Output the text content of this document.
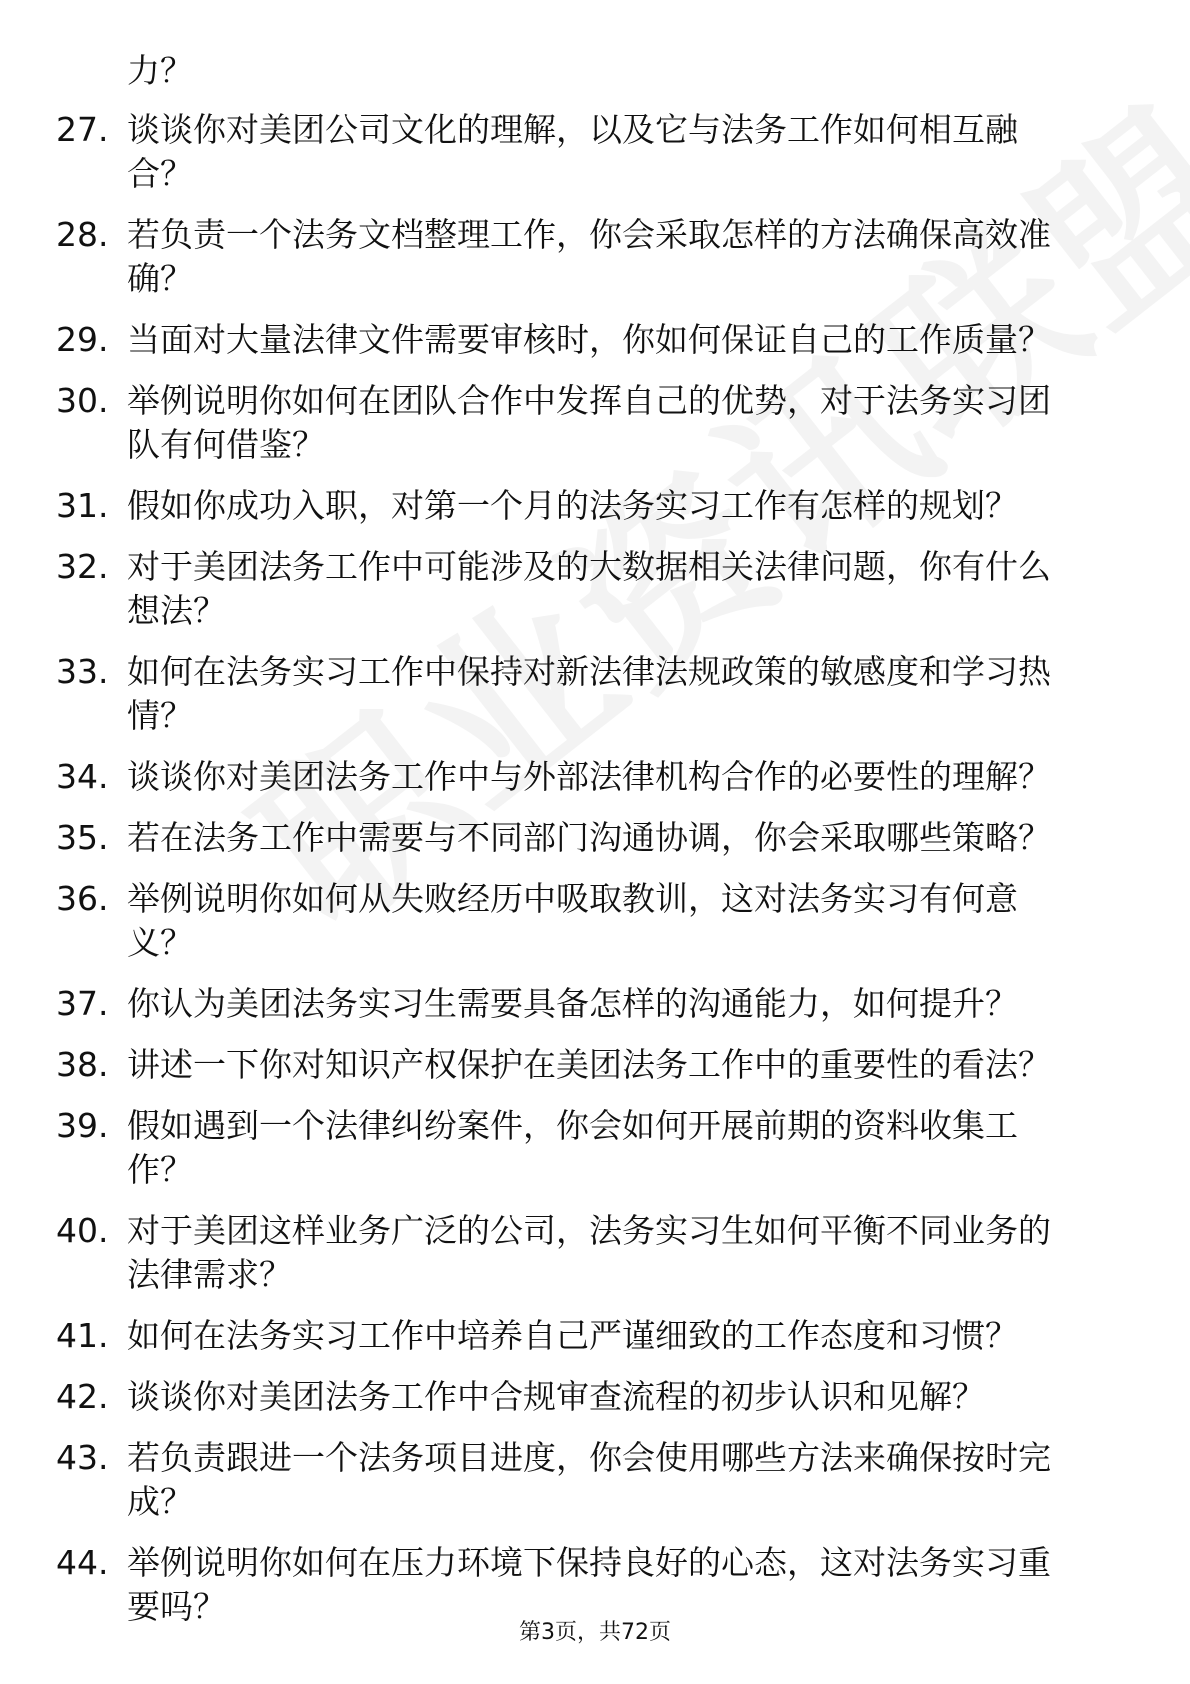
力？
27. 谈谈你对美团公司文化的理解，以及它与法务工作如何相互融
合？
28. 若负责一个法务文档整理工作，你会采取怎样的方法确保高效准
确？
29. 当面对大量法律文件需要审核时，你如何保证自己的工作质量？
30. 举例说明你如何在团队合作中发挥自己的优势，对于法务实习团
队有何借鉴？
31. 假如你成功入职，对第一个月的法务实习工作有怎样的规划？
32. 对于美团法务工作中可能涉及的大数据相关法律问题，你有什么
想法？
33. 如何在法务实习工作中保持对新法律法规政策的敏感度和学习热
情？
34. 谈谈你对美团法务工作中与外部法律机构合作的必要性的理解？
35. 若在法务工作中需要与不同部门沟通协调，你会采取哪些策略？
36. 举例说明你如何从失败经历中吸取教训，这对法务实习有何意
义？
37. 你认为美团法务实习生需要具备怎样的沟通能力，如何提升？
38. 讲述一下你对知识产权保护在美团法务工作中的重要性的看法？
39. 假如遇到一个法律纠纷案件，你会如何开展前期的资料收集工
作？
40. 对于美团这样业务广泛的公司，法务实习生如何平衡不同业务的
法律需求？
41. 如何在法务实习工作中培养自己严谨细致的工作态度和习惯？
42. 谈谈你对美团法务工作中合规审查流程的初步认识和见解？
43. 若负责跟进一个法务项目进度，你会使用哪些方法来确保按时完
成？
44. 举例说明你如何在压力环境下保持良好的心态，这对法务实习重
要吗？
第3页，共72页
